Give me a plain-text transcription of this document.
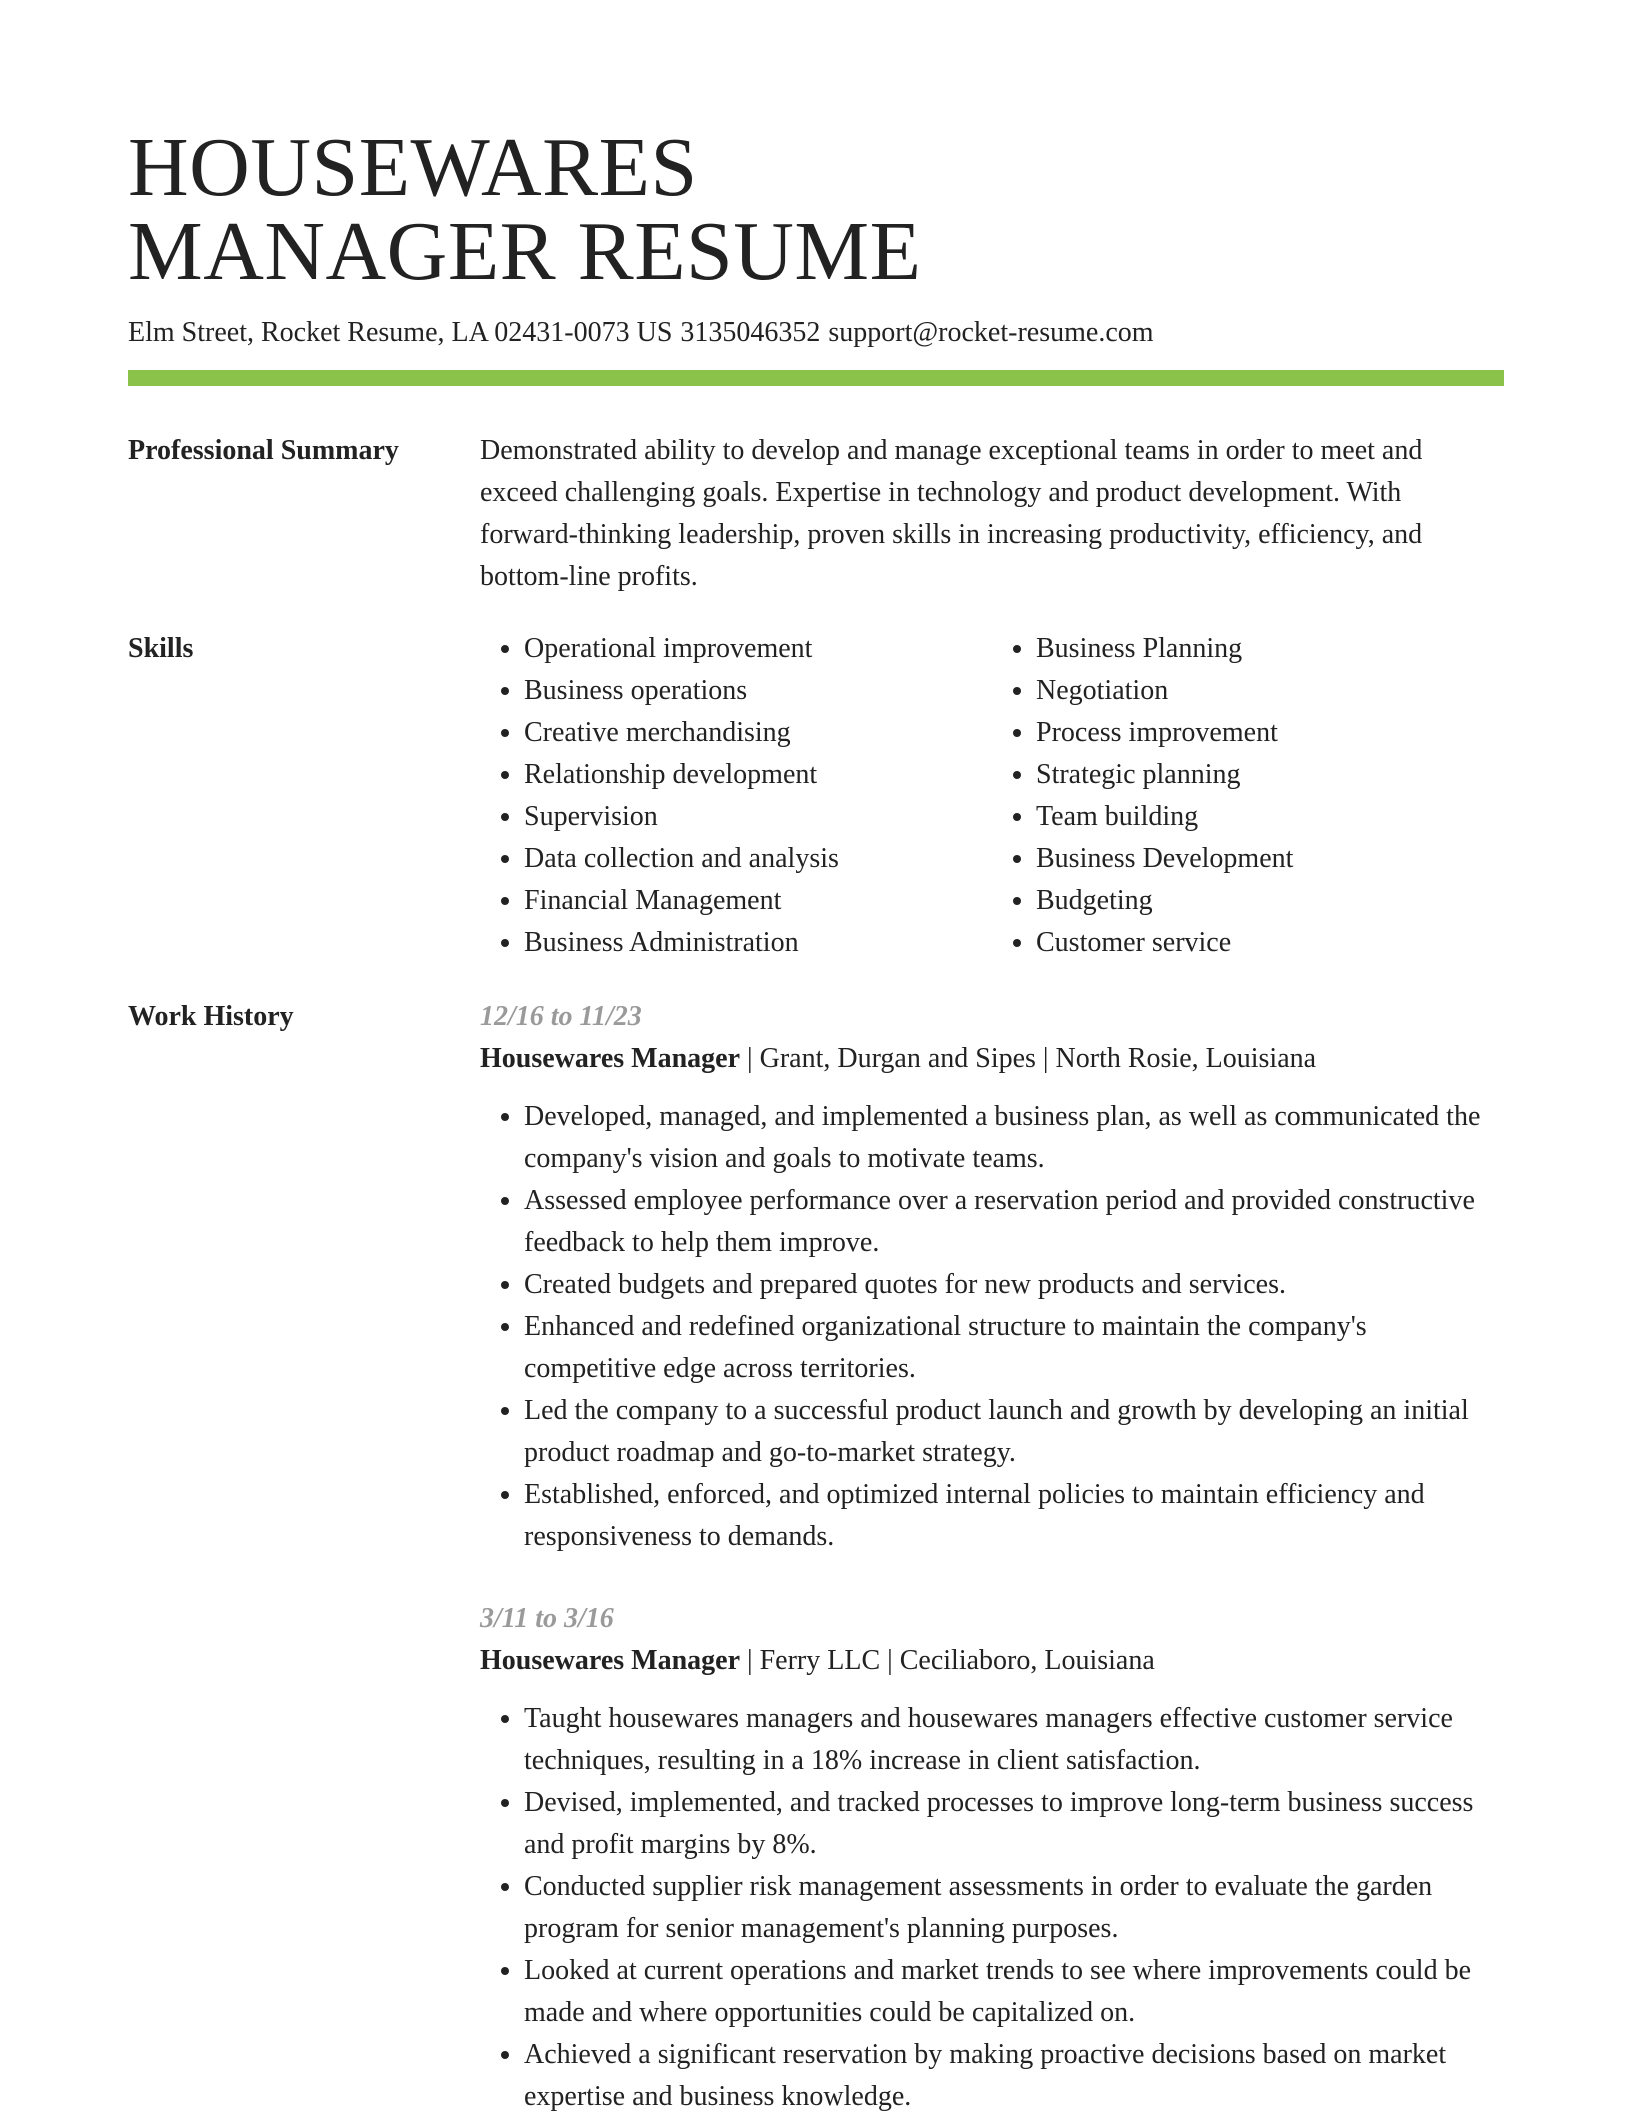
HOUSEWARES
MANAGER RESUME
Elm Street, Rocket Resume, LA 02431-0073 US 3135046352 support@rocket-resume.com
Professional Summary	Demonstrated ability to develop and manage exceptional teams in order to meet and exceed challenging goals. Expertise in technology and product development. With forward-thinking leadership, proven skills in increasing productivity, efficiency, and bottom-line profits.

Skills
•	Operational improvement
• Business operations
• Creative merchandising
• Relationship development
• Supervision
• Data collection and analysis
• Financial Management
• Business Administration
• Business Planning
• Negotiation
• Process improvement
• Strategic planning
• Team building
• Business Development
• Budgeting
• Customer service
Work History	12/16 to 11/23
Housewares Manager | Grant, Durgan and Sipes | North Rosie, Louisiana
• Developed, managed, and implemented a business plan, as well as communicated the company's vision and goals to motivate teams.
• Assessed employee performance over a reservation period and provided constructive feedback to help them improve.
• Created budgets and prepared quotes for new products and services.
• Enhanced and redefined organizational structure to maintain the company's competitive edge across territories.
• Led the company to a successful product launch and growth by developing an initial product roadmap and go-to-market strategy.
• Established, enforced, and optimized internal policies to maintain efficiency and responsiveness to demands.
3/11 to 3/16
Housewares Manager | Ferry LLC | Ceciliaboro, Louisiana
• Taught housewares managers and housewares managers effective customer service techniques, resulting in a 18% increase in client satisfaction.
• Devised, implemented, and tracked processes to improve long-term business success and profit margins by 8%.
• Conducted supplier risk management assessments in order to evaluate the garden program for senior management's planning purposes.
• Looked at current operations and market trends to see where improvements could be made and where opportunities could be capitalized on.
• Achieved a significant reservation by making proactive decisions based on market expertise and business knowledge.
